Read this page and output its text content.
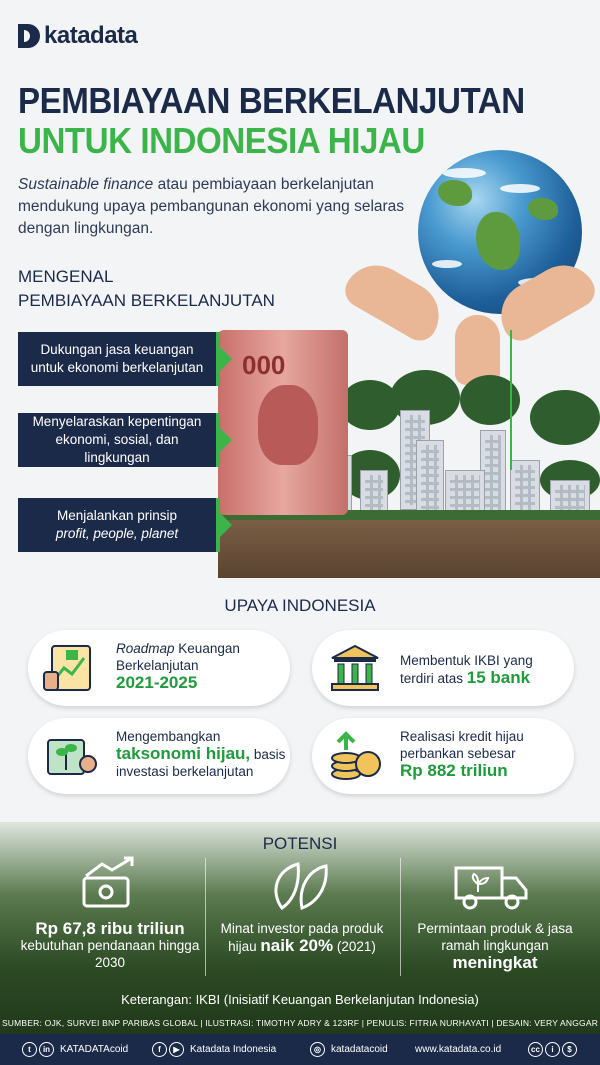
katadata
PEMBIAYAAN BERKELANJUTAN
UNTUK INDONESIA HIJAU

Sustainable finance atau pembiayaan berkelanjutan mendukung upaya pembangunan ekonomi yang selaras dengan lingkungan.

MENGENAL
PEMBIAYAAN BERKELANJUTAN
000
Dukungan jasa keuangan untuk ekonomi berkelanjutan
Menyelaraskan kepentingan ekonomi, sosial, dan lingkungan
Menjalankan prinsip
profit, people, planet
UPAYA INDONESIA
Roadmap Keuangan Berkelanjutan
2021-2025
Membentuk IKBI yang terdiri atas 15 bank
Mengembangkan taksonomi hijau, basis investasi berkelanjutan
Realisasi kredit hijau perbankan sebesar
Rp 882 triliun
POTENSI
Rp 67,8 ribu triliun
kebutuhan pendanaan hingga 2030
Minat investor pada produk hijau naik 20% (2021)
Permintaan produk & jasa ramah lingkungan
meningkat
Keterangan: IKBI (Inisiatif Keuangan Berkelanjutan Indonesia)
SUMBER: OJK, SURVEI BNP PARIBAS GLOBAL | ILUSTRASI: TIMOTHY ADRY & 123RF | PENULIS: FITRIA NURHAYATI | DESAIN: VERY ANGGAR
t	in KATADATAcoid	f	▶	Katadata Indonesia	◎	katadatacoid	www.katadata.co.id	cc	i	$
